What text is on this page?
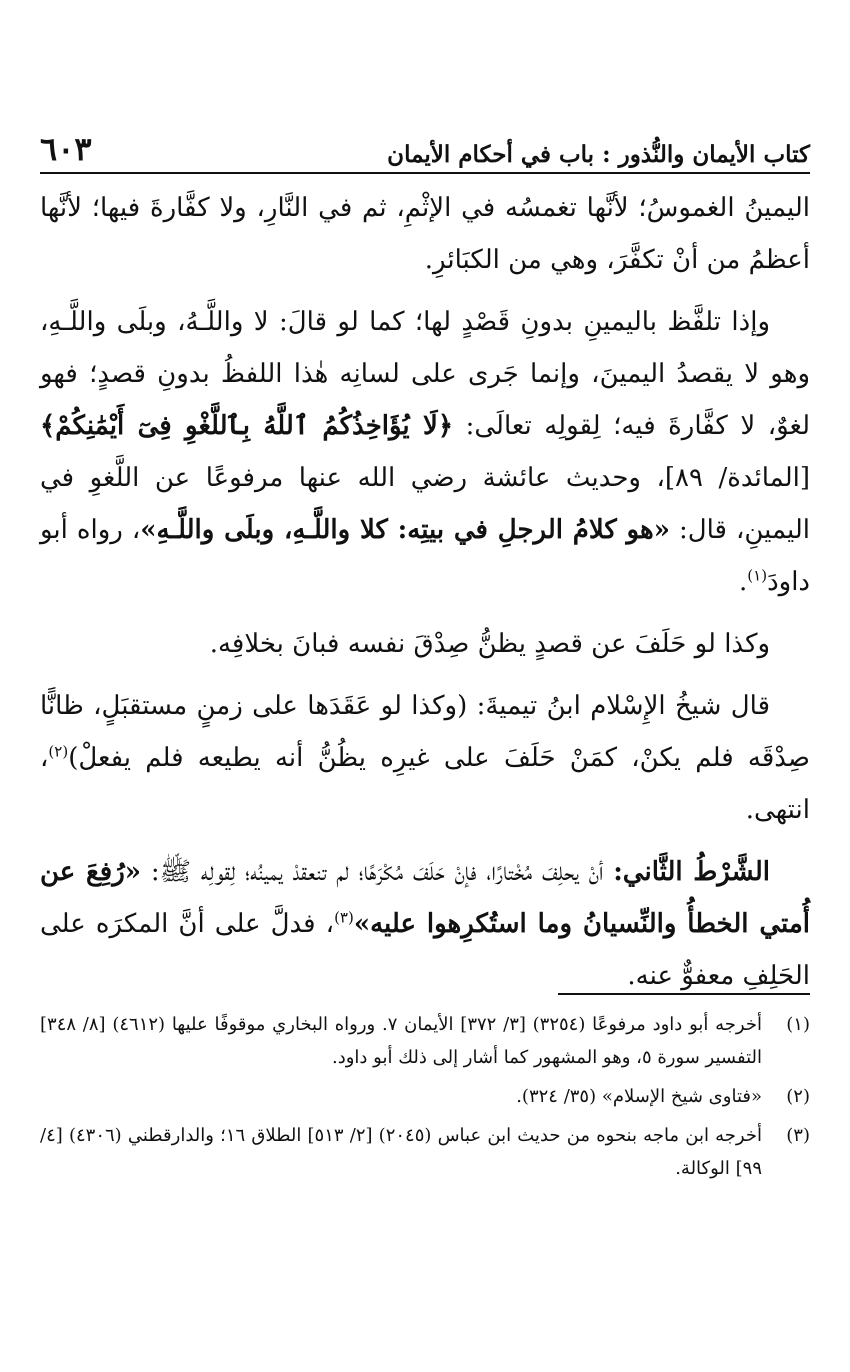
كتاب الأيمان والنُّذور : باب في أحكام الأيمان
٦٠٣

اليمينُ الغموسُ؛ لأنَّها تغمسُه في الإثْمِ، ثم في النَّارِ، ولا كفَّارةَ فيها؛ لأنَّها أعظمُ من أنْ تكفَّرَ، وهي من الكبَائرِ.

وإذا تلفَّظ باليمينِ بدونِ قَصْدٍ لها؛ كما لو قالَ: لا واللَّـهُ، وبلَى واللَّـهِ، وهو لا يقصدُ اليمينَ، وإنما جَرى على لسانِه هٰذا اللفظُ بدونِ قصدٍ؛ فهو لغوٌ، لا كفَّارةَ فيه؛ لِقولِه تعالَى: ﴿لَا يُؤَاخِذُكُمُ ٱللَّهُ بِٱللَّغْوِ فِىٓ أَيْمَٰنِكُمْ﴾ [المائدة/ ٨٩]، وحديث عائشة رضي الله عنها مرفوعًا عن اللَّغوِ في اليمينِ، قال: «هو كلامُ الرجلِ في بيتِه: كلا واللَّـهِ، وبلَى واللَّـهِ»، رواه أبو داودَ$^{(١)}$.

وكذا لو حَلَفَ عن قصدٍ يظنُّ صِدْقَ نفسه فبانَ بخلافِه.

قال شيخُ الإِسْلام ابنُ تيميةَ: (وكذا لو عَقَدَها على زمنٍ مستقبَلٍ، ظانًّا صِدْقَه فلم يكنْ، كمَنْ حَلَفَ على غيرِه يظُنُّ أنه يطيعه فلم يفعلْ)$^{(٢)}$، انتهى.

الشَّرْطُ الثَّاني: أنْ يحلِفَ مُخْتارًا، فإنْ حَلَفَ مُكْرَهًا؛ لم تنعقدْ يمينُه؛ لِقولِه ﷺ: «رُفِعَ عن أُمتي الخطأُ والنِّسيانُ وما استُكرِهوا عليه»$^{(٣)}$، فدلَّ على أنَّ المكرَه على الحَلِفِ معفوٌّ عنه.

(١)
أخرجه أبو داود مرفوعًا (٣٢٥٤) [٣/ ٣٧٢] الأيمان ٧. ورواه البخاري موقوفًا عليها (٤٦١٢) [٨/ ٣٤٨] التفسير سورة ٥، وهو المشهور كما أشار إلى ذلك أبو داود.
(٢)
«فتاوى شيخ الإسلام» (٣٥/ ٣٢٤).
(٣)
أخرجه ابن ماجه بنحوه من حديث ابن عباس (٢٠٤٥) [٢/ ٥١٣] الطلاق ١٦؛ والدارقطني (٤٣٠٦) [٤/ ٩٩] الوكالة.
